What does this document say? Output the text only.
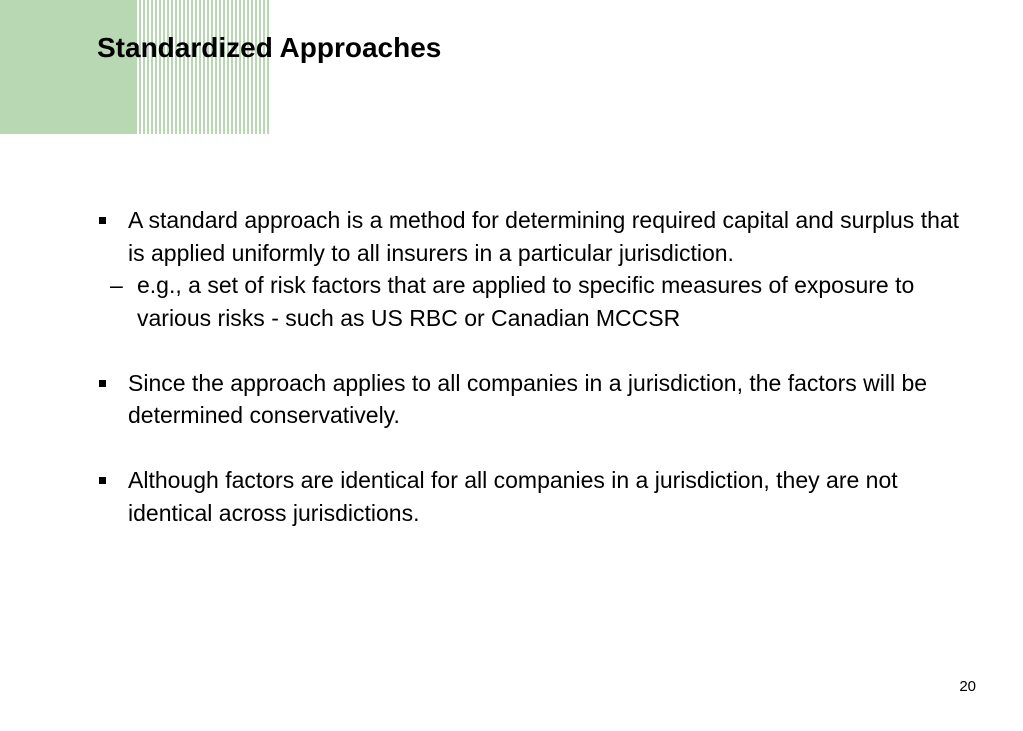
Standardized Approaches
A standard approach is a method for determining required capital and surplus that is applied uniformly to all insurers in a particular jurisdiction.
– e.g., a set of risk factors that are applied to specific measures of exposure to various risks - such as US RBC or Canadian MCCSR
Since the approach applies to all companies in a jurisdiction, the factors will be determined conservatively.
Although factors are identical for all companies in a jurisdiction, they are not identical across jurisdictions.
20
